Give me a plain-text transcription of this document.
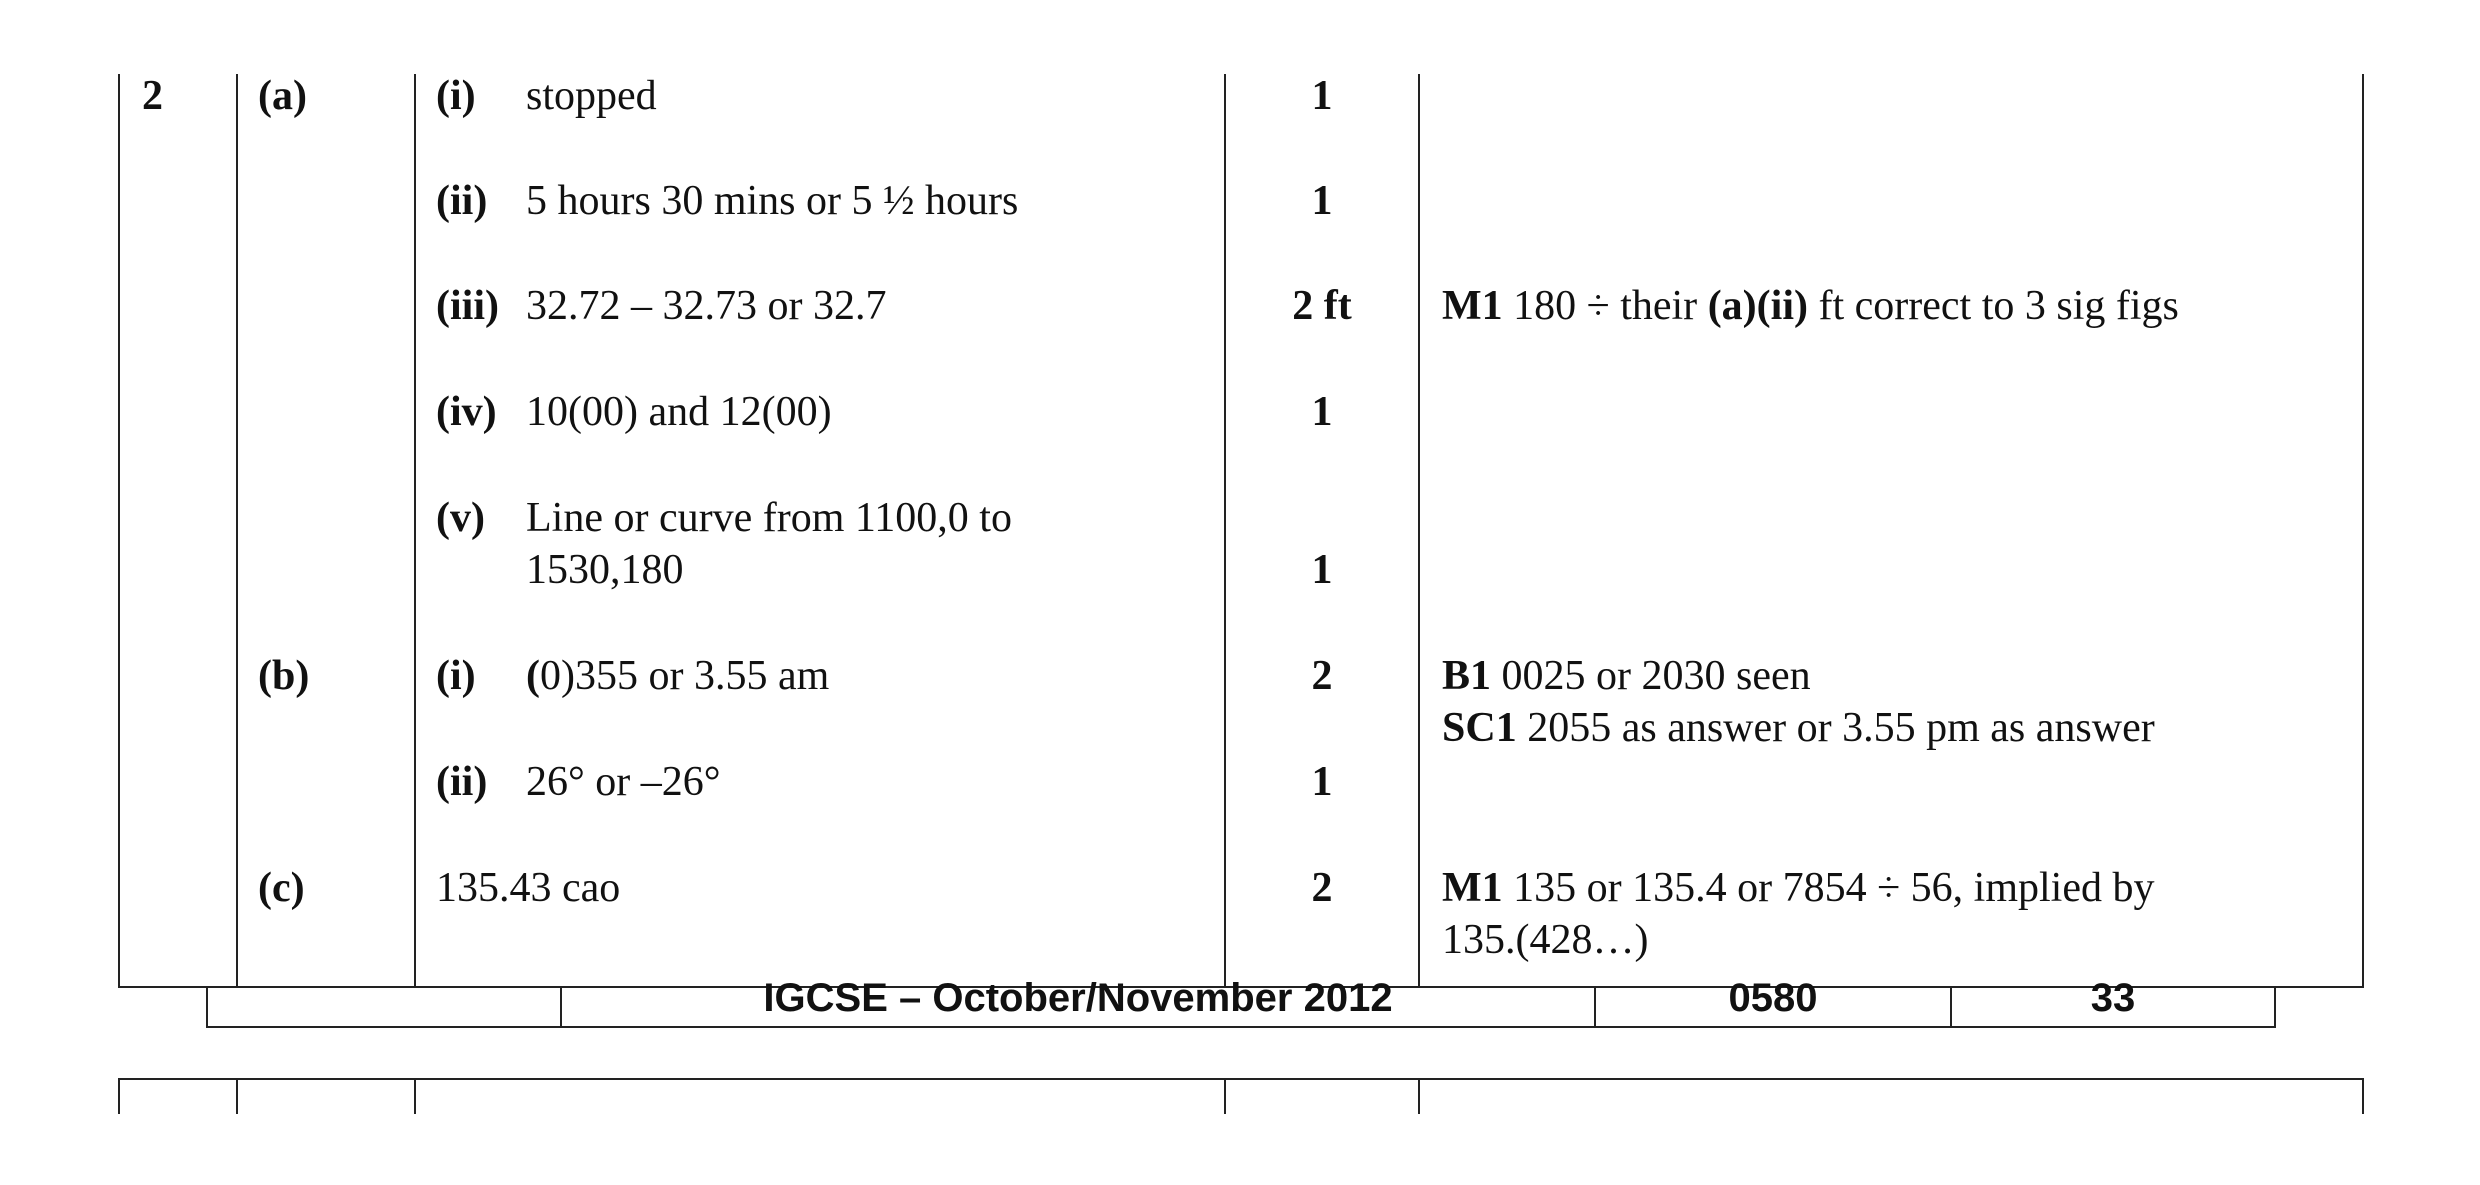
IGCSE – October/November 2012	0580	33
2 (a)	(i) stopped	1
(ii) 5 hours 30 mins or 5 ½ hours	1
(iii) 32.72 – 32.73 or 32.7	2 ft	M1 180 ÷ their (a)(ii) ft correct to 3 sig figs
(iv) 10(00) and 12(00)	1
(v) Line or curve from 1100,0 to
1530,180	1
(b)	(i) (0)355 or 3.55 am	2	B1 0025 or 2030 seen
SC1 2055 as answer or 3.55 pm as answer
(ii) 26° or –26°	1
(c)	135.43 cao	2	M1 135 or 135.4 or 7854 ÷ 56, implied by
135.(428…)
